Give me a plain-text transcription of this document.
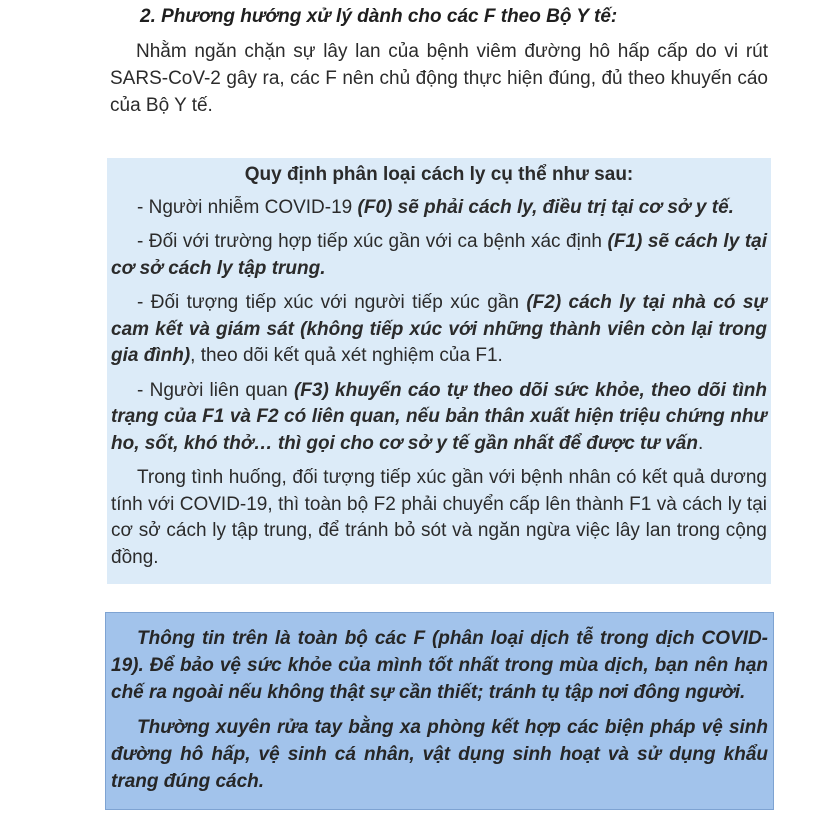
2. Phương hướng xử lý dành cho các F theo Bộ Y tế:

Nhằm ngăn chặn sự lây lan của bệnh viêm đường hô hấp cấp do vi rút SARS-CoV-2 gây ra, các F nên chủ động thực hiện đúng, đủ theo khuyến cáo của Bộ Y tế.

Quy định phân loại cách ly cụ thể như sau:

- Người nhiễm COVID-19 (F0) sẽ phải cách ly, điều trị tại cơ sở y tế.

- Đối với trường hợp tiếp xúc gần với ca bệnh xác định (F1) sẽ cách ly tại cơ sở cách ly tập trung.

- Đối tượng tiếp xúc với người tiếp xúc gần (F2) cách ly tại nhà có sự cam kết và giám sát (không tiếp xúc với những thành viên còn lại trong gia đình), theo dõi kết quả xét nghiệm của F1.

- Người liên quan (F3) khuyến cáo tự theo dõi sức khỏe, theo dõi tình trạng của F1 và F2 có liên quan, nếu bản thân xuất hiện triệu chứng như ho, sốt, khó thở… thì gọi cho cơ sở y tế gần nhất để được tư vấn.

Trong tình huống, đối tượng tiếp xúc gần với bệnh nhân có kết quả dương tính với COVID-19, thì toàn bộ F2 phải chuyển cấp lên thành F1 và cách ly tại cơ sở cách ly tập trung, để tránh bỏ sót và ngăn ngừa việc lây lan trong cộng đồng.

Thông tin trên là toàn bộ các F (phân loại dịch tễ trong dịch COVID-19). Để bảo vệ sức khỏe của mình tốt nhất trong mùa dịch, bạn nên hạn chế ra ngoài nếu không thật sự cần thiết; tránh tụ tập nơi đông người.

Thường xuyên rửa tay bằng xa phòng kết hợp các biện pháp vệ sinh đường hô hấp, vệ sinh cá nhân, vật dụng sinh hoạt và sử dụng khẩu trang đúng cách.
